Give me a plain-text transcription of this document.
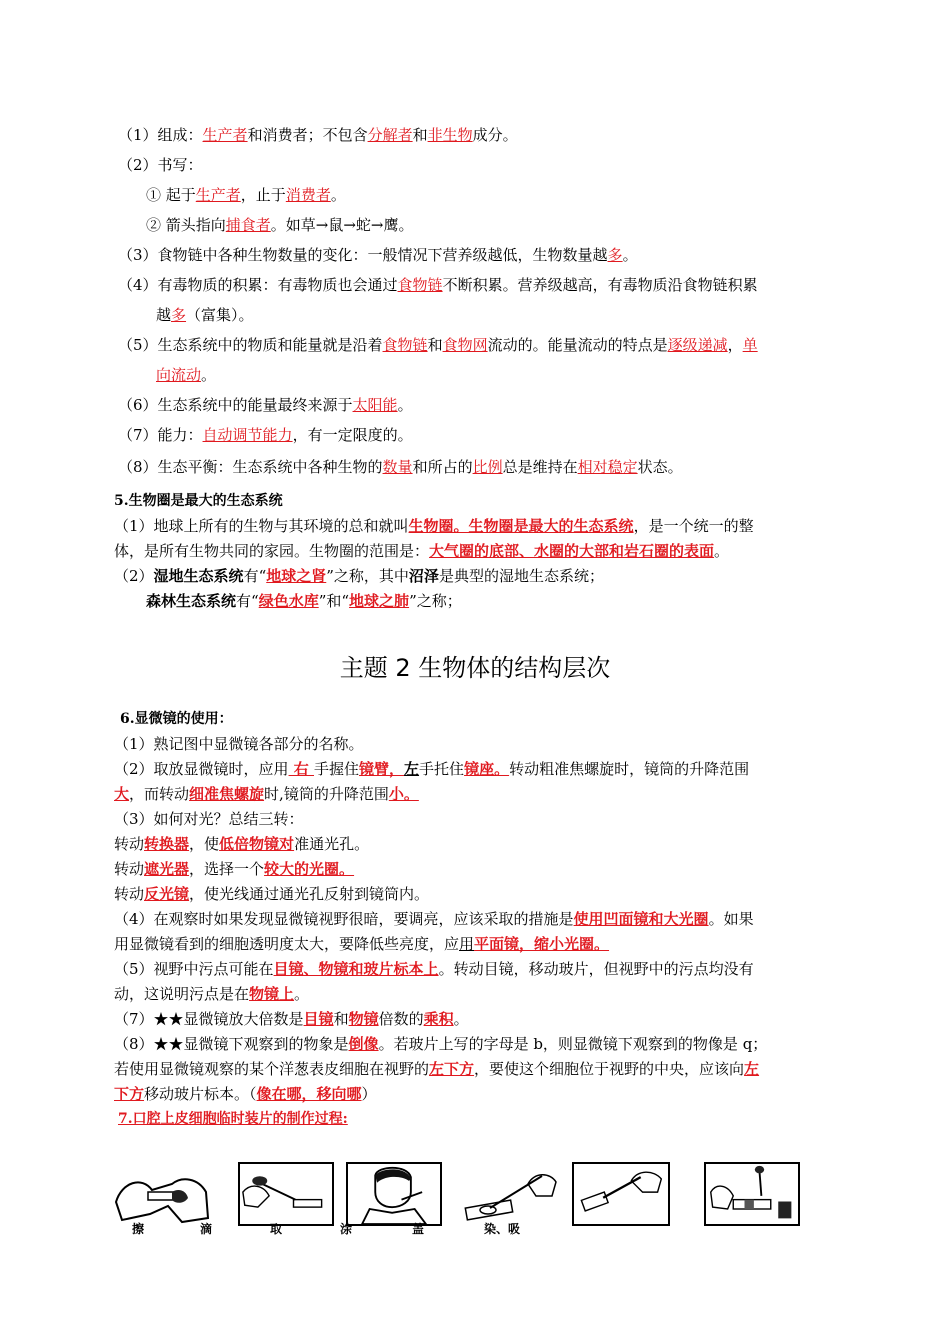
（1）组成：生产者和消费者；不包含分解者和非生物成分。
（2）书写：
① 起于生产者，止于消费者。
② 箭头指向捕食者。如草→鼠→蛇→鹰。
（3）食物链中各种生物数量的变化：一般情况下营养级越低，生物数量越多。
（4）有毒物质的积累：有毒物质也会通过食物链不断积累。营养级越高，有毒物质沿食物链积累
越多（富集）。
（5）生态系统中的物质和能量就是沿着食物链和食物网流动的。能量流动的特点是逐级递减，单
向流动。
（6）生态系统中的能量最终来源于太阳能。
（7）能力：自动调节能力，有一定限度的。
（8）生态平衡：生态系统中各种生物的数量和所占的比例总是维持在相对稳定状态。
5.生物圈是最大的生态系统
（1）地球上所有的生物与其环境的总和就叫生物圈。生物圈是最大的生态系统，是一个统一的整
体，是所有生物共同的家园。生物圈的范围是：大气圈的底部、水圈的大部和岩石圈的表面。
（2）湿地生态系统有“地球之肾”之称，其中沼泽是典型的湿地生态系统；
森林生态系统有“绿色水库”和“地球之肺”之称；
主题 2 生物体的结构层次
6.显微镜的使用：
（1）熟记图中显微镜各部分的名称。
（2）取放显微镜时，应用 右 手握住镜臂，左手托住镜座。转动粗准焦螺旋时，镜筒的升降范围
大，而转动细准焦螺旋时,镜筒的升降范围小。
（3）如何对光？总结三转：
转动转换器，使低倍物镜对准通光孔。
转动遮光器，选择一个较大的光圈。
转动反光镜，使光线通过通光孔反射到镜筒内。
（4）在观察时如果发现显微镜视野很暗，要调亮，应该采取的措施是使用凹面镜和大光圈。如果
用显微镜看到的细胞透明度太大，要降低些亮度，应用平面镜，缩小光圈。
（5）视野中污点可能在目镜、物镜和玻片标本上。转动目镜，移动玻片，但视野中的污点均没有
动，这说明污点是在物镜上。
（7）★★显微镜放大倍数是目镜和物镜倍数的乘积。
（8）★★显微镜下观察到的物象是倒像。若玻片上写的字母是 b，则显微镜下观察到的物像是 q；
若使用显微镜观察的某个洋葱表皮细胞在视野的左下方，要使这个细胞位于视野的中央，应该向左
下方移动玻片标本。（像在哪，移向哪）
7.口腔上皮细胞临时装片的制作过程:
擦	滴	取	涂	盖	染、吸
